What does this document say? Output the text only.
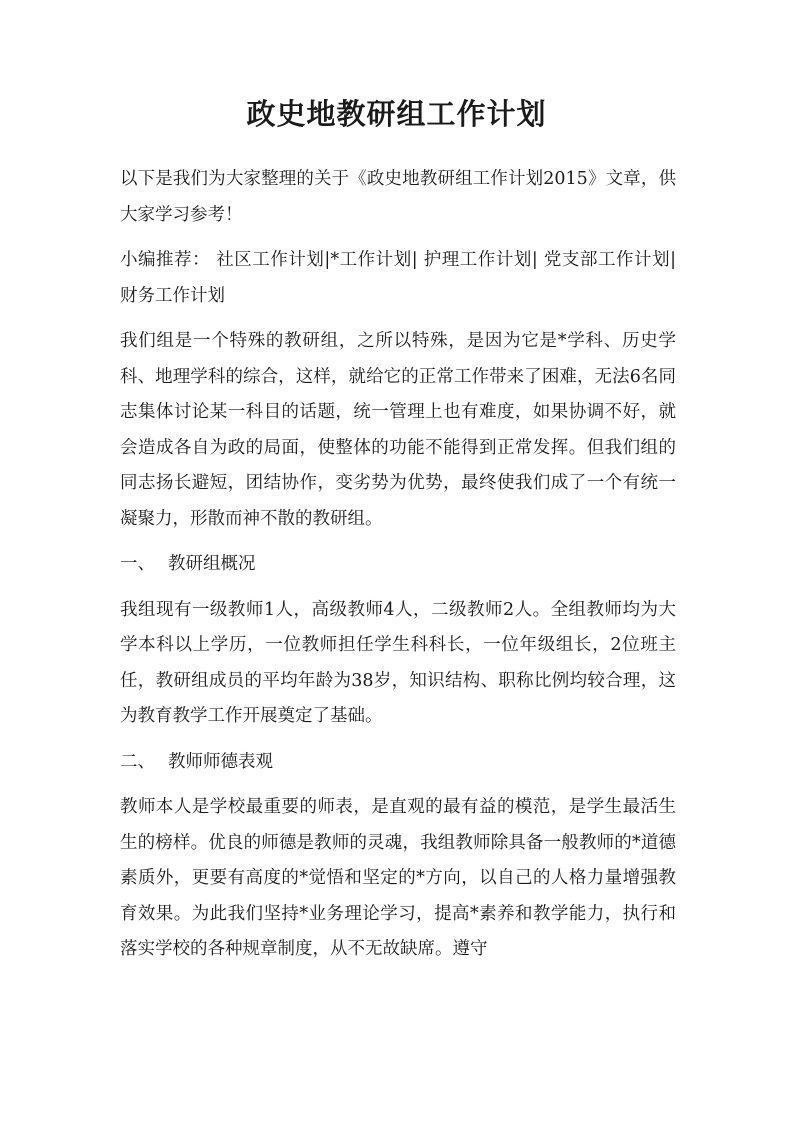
政史地教研组工作计划

以下是我们为大家整理的关于《政史地教研组工作计划2015》文章，供大家学习参考！

小编推荐： 社区工作计划|*工作计划| 护理工作计划| 党支部工作计划| 财务工作计划

我们组是一个特殊的教研组，之所以特殊，是因为它是*学科、历史学科、地理学科的综合，这样，就给它的正常工作带来了困难，无法6名同志集体讨论某一科目的话题，统一管理上也有难度，如果协调不好，就会造成各自为政的局面，使整体的功能不能得到正常发挥。但我们组的同志扬长避短，团结协作，变劣势为优势，最终使我们成了一个有统一凝聚力，形散而神不散的教研组。

一、 教研组概况

我组现有一级教师1人，高级教师4人，二级教师2人。全组教师均为大学本科以上学历，一位教师担任学生科科长，一位年级组长，2位班主任，教研组成员的平均年龄为38岁，知识结构、职称比例均较合理，这为教育教学工作开展奠定了基础。

二、 教师师德表观

教师本人是学校最重要的师表，是直观的最有益的模范，是学生最活生生的榜样。优良的师德是教师的灵魂，我组教师除具备一般教师的*道德素质外，更要有高度的*觉悟和坚定的*方向，以自己的人格力量增强教育效果。为此我们坚持*业务理论学习，提高*素养和教学能力，执行和落实学校的各种规章制度，从不无故缺席。遵守
